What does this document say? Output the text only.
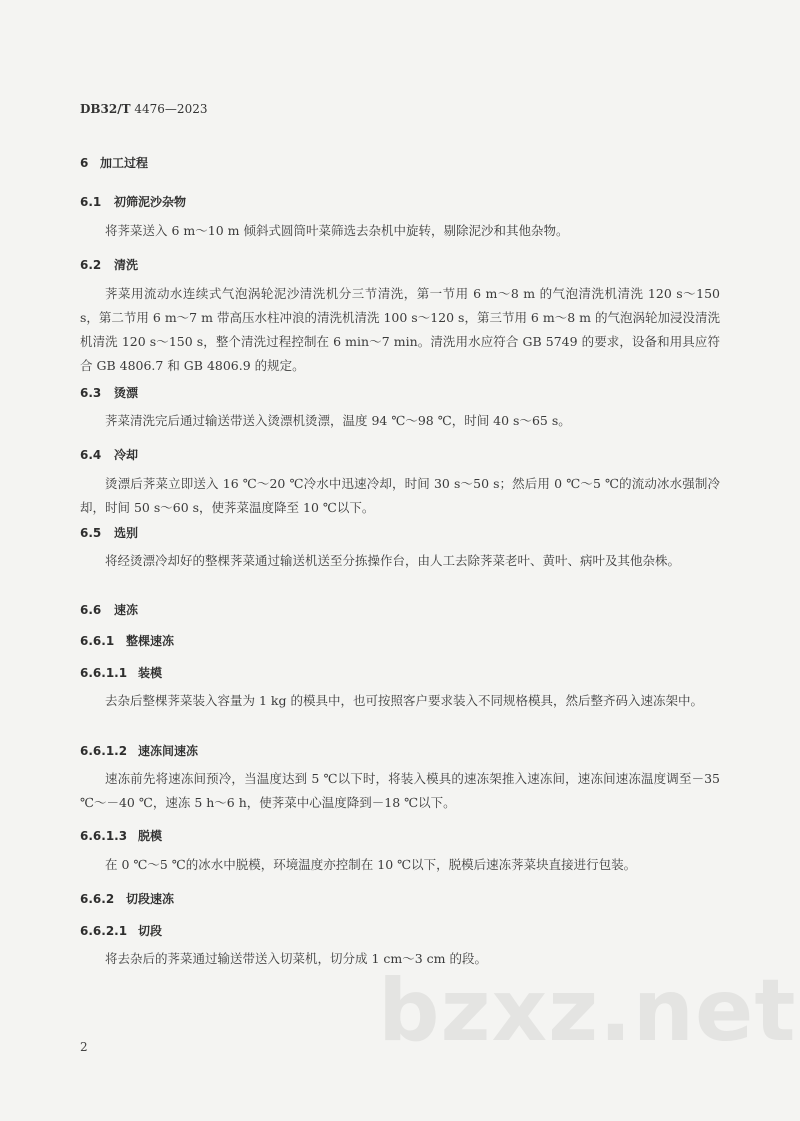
DB32/T 4476—2023
6 加工过程
6.1 初筛泥沙杂物

将荠菜送入 6 m～10 m 倾斜式圆筒叶菜筛选去杂机中旋转，剔除泥沙和其他杂物。

6.2 清洗

荠菜用流动水连续式气泡涡轮泥沙清洗机分三节清洗，第一节用 6 m～8 m 的气泡清洗机清洗 120 s～150 s，第二节用 6 m～7 m 带高压水柱冲浪的清洗机清洗 100 s～120 s，第三节用 6 m～8 m 的气泡涡轮加浸没清洗机清洗 120 s～150 s，整个清洗过程控制在 6 min～7 min。清洗用水应符合 GB 5749 的要求，设备和用具应符合 GB 4806.7 和 GB 4806.9 的规定。

6.3 烫漂

荠菜清洗完后通过输送带送入烫漂机烫漂，温度 94 ℃～98 ℃，时间 40 s～65 s。

6.4 冷却

烫漂后荠菜立即送入 16 ℃～20 ℃冷水中迅速冷却，时间 30 s～50 s；然后用 0 ℃～5 ℃的流动冰水强制冷却，时间 50 s～60 s，使荠菜温度降至 10 ℃以下。

6.5 选别

将经烫漂冷却好的整棵荠菜通过输送机送至分拣操作台，由人工去除荠菜老叶、黄叶、病叶及其他杂株。

6.6 速冻
6.6.1 整棵速冻
6.6.1.1 装模

去杂后整棵荠菜装入容量为 1 kg 的模具中，也可按照客户要求装入不同规格模具，然后整齐码入速冻架中。

6.6.1.2 速冻间速冻

速冻前先将速冻间预冷，当温度达到 5 ℃以下时，将装入模具的速冻架推入速冻间，速冻间速冻温度调至－35 ℃～－40 ℃，速冻 5 h～6 h，使荠菜中心温度降到－18 ℃以下。

6.6.1.3 脱模

在 0 ℃～5 ℃的冰水中脱模，环境温度亦控制在 10 ℃以下，脱模后速冻荠菜块直接进行包装。

6.6.2 切段速冻
6.6.2.1 切段

将去杂后的荠菜通过输送带送入切菜机，切分成 1 cm～3 cm 的段。

bzxz.net
2
